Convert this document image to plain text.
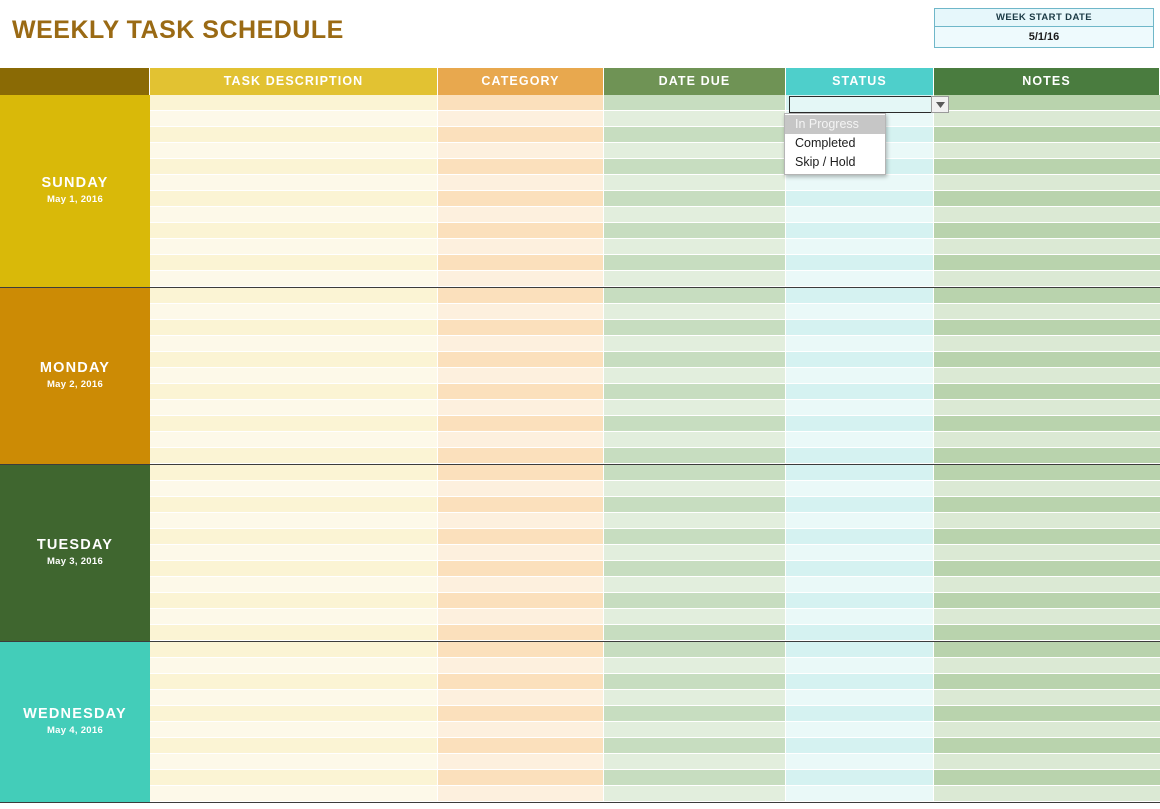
WEEKLY TASK SCHEDULE	WEEK START DATE
5/1/16
TASK DESCRIPTION	CATEGORY	DATE DUE	STATUS	NOTES
SUNDAY
May 1, 2016
MONDAY
May 2, 2016
TUESDAY
May 3, 2016
WEDNESDAY
May 4, 2016
In Progress
Completed
Skip / Hold
